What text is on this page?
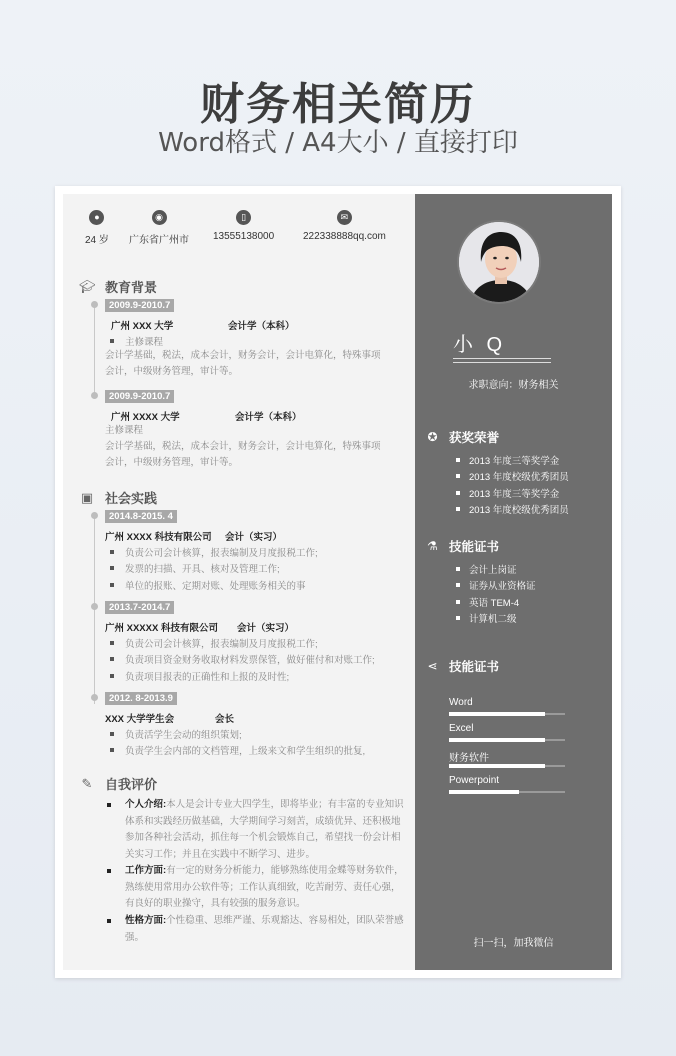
财务相关简历
Word格式 / A4大小 / 直接打印
●
24 岁
◉
广东省广州市
▯
13555138000
✉
222338888qq.com
🎓︎ 教育背景
2009.9-2010.7
广州 XXX 大学	会计学（本科）
主修课程
会计学基础，税法，成本会计，财务会计，会计电算化，特殊事项
会计，中级财务管理，审计等。
2009.9-2010.7
广州 XXXX 大学	会计学（本科）
主修课程
会计学基础，税法，成本会计，财务会计，会计电算化，特殊事项
会计，中级财务管理，审计等。
▣ 社会实践
2014.8-2015. 4
广州 XXXX 科技有限公司 会计（实习）
负责公司会计核算，报表编制及月度报税工作;
发票的扫描、开具、核对及管理工作;
单位的报账、定期对账、处理账务相关的事
2013.7-2014.7
广州 XXXXX 科技有限公司 会计（实习）
负责公司会计核算，报表编制及月度报税工作;
负责项目资金财务收取材料发票保管，做好催付和对账工作;
负责项目报表的正确性和上报的及时性;
2012. 8-2013.9
XXX 大学学生会	会长
负责活学生会动的组织策划;
负责学生会内部的文档管理，上级来文和学生组织的批复,
✎ 自我评价
个人介绍:本人是会计专业大四学生，即将毕业；有丰富的专业知识体系和实践经历做基础，大学期间学习刻苦，成绩优异、还积极地参加各种社会活动，抓住每一个机会锻炼自己，希望找一份会计相关实习工作；并且在实践中不断学习、进步。
工作方面:有一定的财务分析能力，能够熟练使用金蝶等财务软件，熟练使用常用办公软件等；工作认真细致，吃苦耐劳、责任心强，有良好的职业操守，具有较强的服务意识。
性格方面:个性稳重、思维严谨、乐观豁达、容易相处，团队荣誉感强。
小 Q
求职意向：财务相关
✪ 获奖荣誉
2013 年度三等奖学金
2013 年度校级优秀团员
2013 年度三等奖学金
2013 年度校级优秀团员
⚗ 技能证书
会计上岗证
证券从业资格证
英语 TEM-4
计算机二级
⋖ 技能证书
Word
Excel
财务软件
Powerpoint
扫一扫，加我微信
